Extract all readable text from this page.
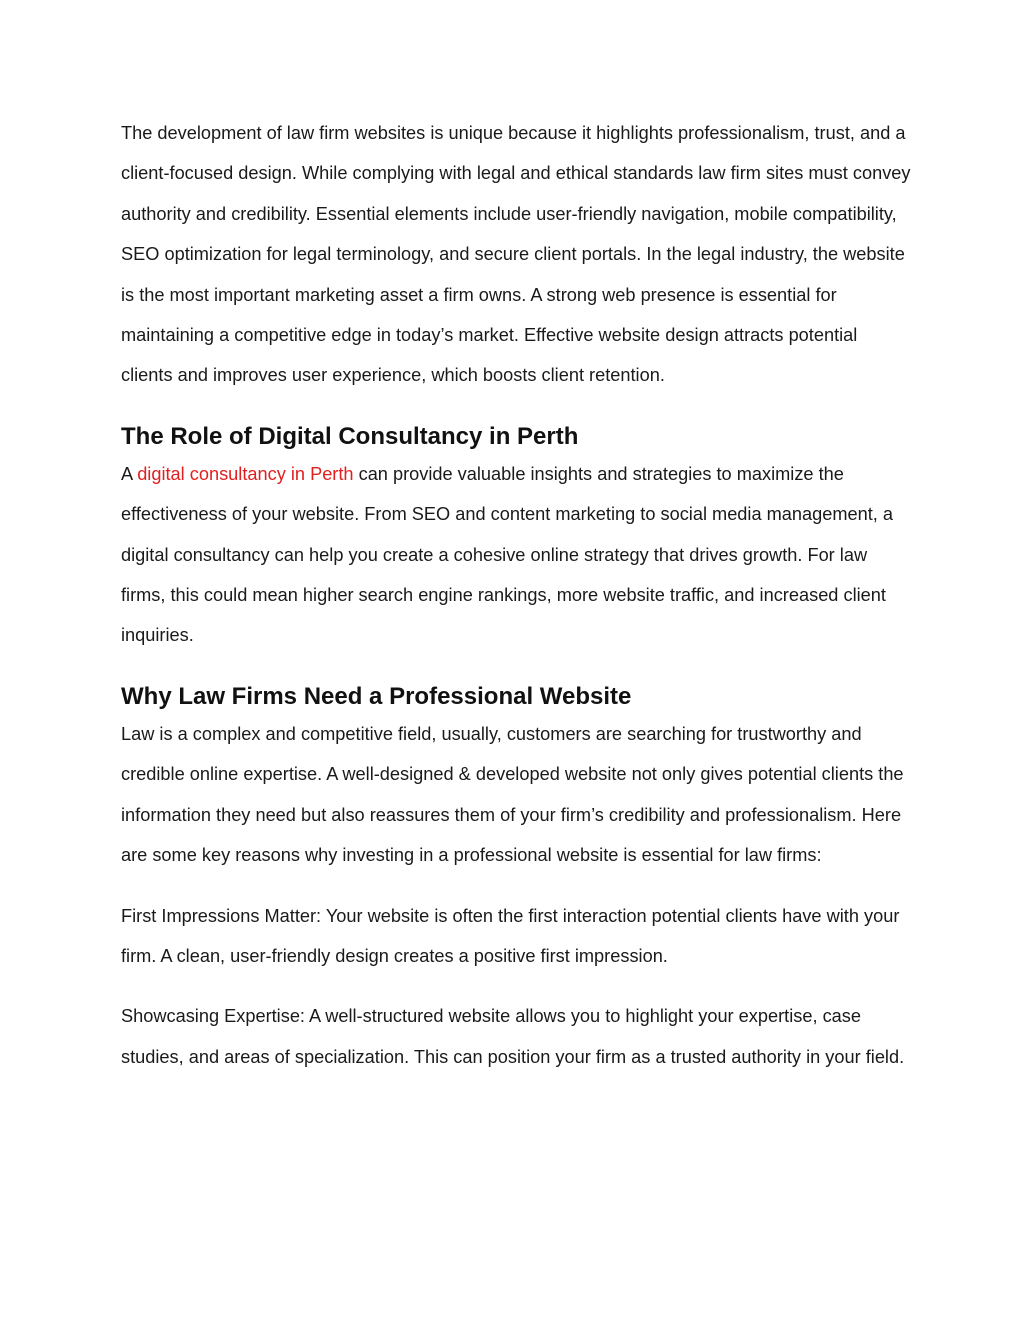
The development of law firm websites is unique because it highlights professionalism, trust, and a client-focused design. While complying with legal and ethical standards law firm sites must convey authority and credibility. Essential elements include user-friendly navigation, mobile compatibility, SEO optimization for legal terminology, and secure client portals. In the legal industry, the website is the most important marketing asset a firm owns. A strong web presence is essential for maintaining a competitive edge in today’s market. Effective website design attracts potential clients and improves user experience, which boosts client retention.

The Role of Digital Consultancy in Perth

A digital consultancy in Perth can provide valuable insights and strategies to maximize the effectiveness of your website. From SEO and content marketing to social media management, a digital consultancy can help you create a cohesive online strategy that drives growth. For law firms, this could mean higher search engine rankings, more website traffic, and increased client inquiries.

Why Law Firms Need a Professional Website

Law is a complex and competitive field, usually, customers are searching for trustworthy and credible online expertise. A well-designed & developed website not only gives potential clients the information they need but also reassures them of your firm’s credibility and professionalism. Here are some key reasons why investing in a professional website is essential for law firms:

First Impressions Matter: Your website is often the first interaction potential clients have with your firm. A clean, user-friendly design creates a positive first impression.

Showcasing Expertise: A well-structured website allows you to highlight your expertise, case studies, and areas of specialization. This can position your firm as a trusted authority in your field.
